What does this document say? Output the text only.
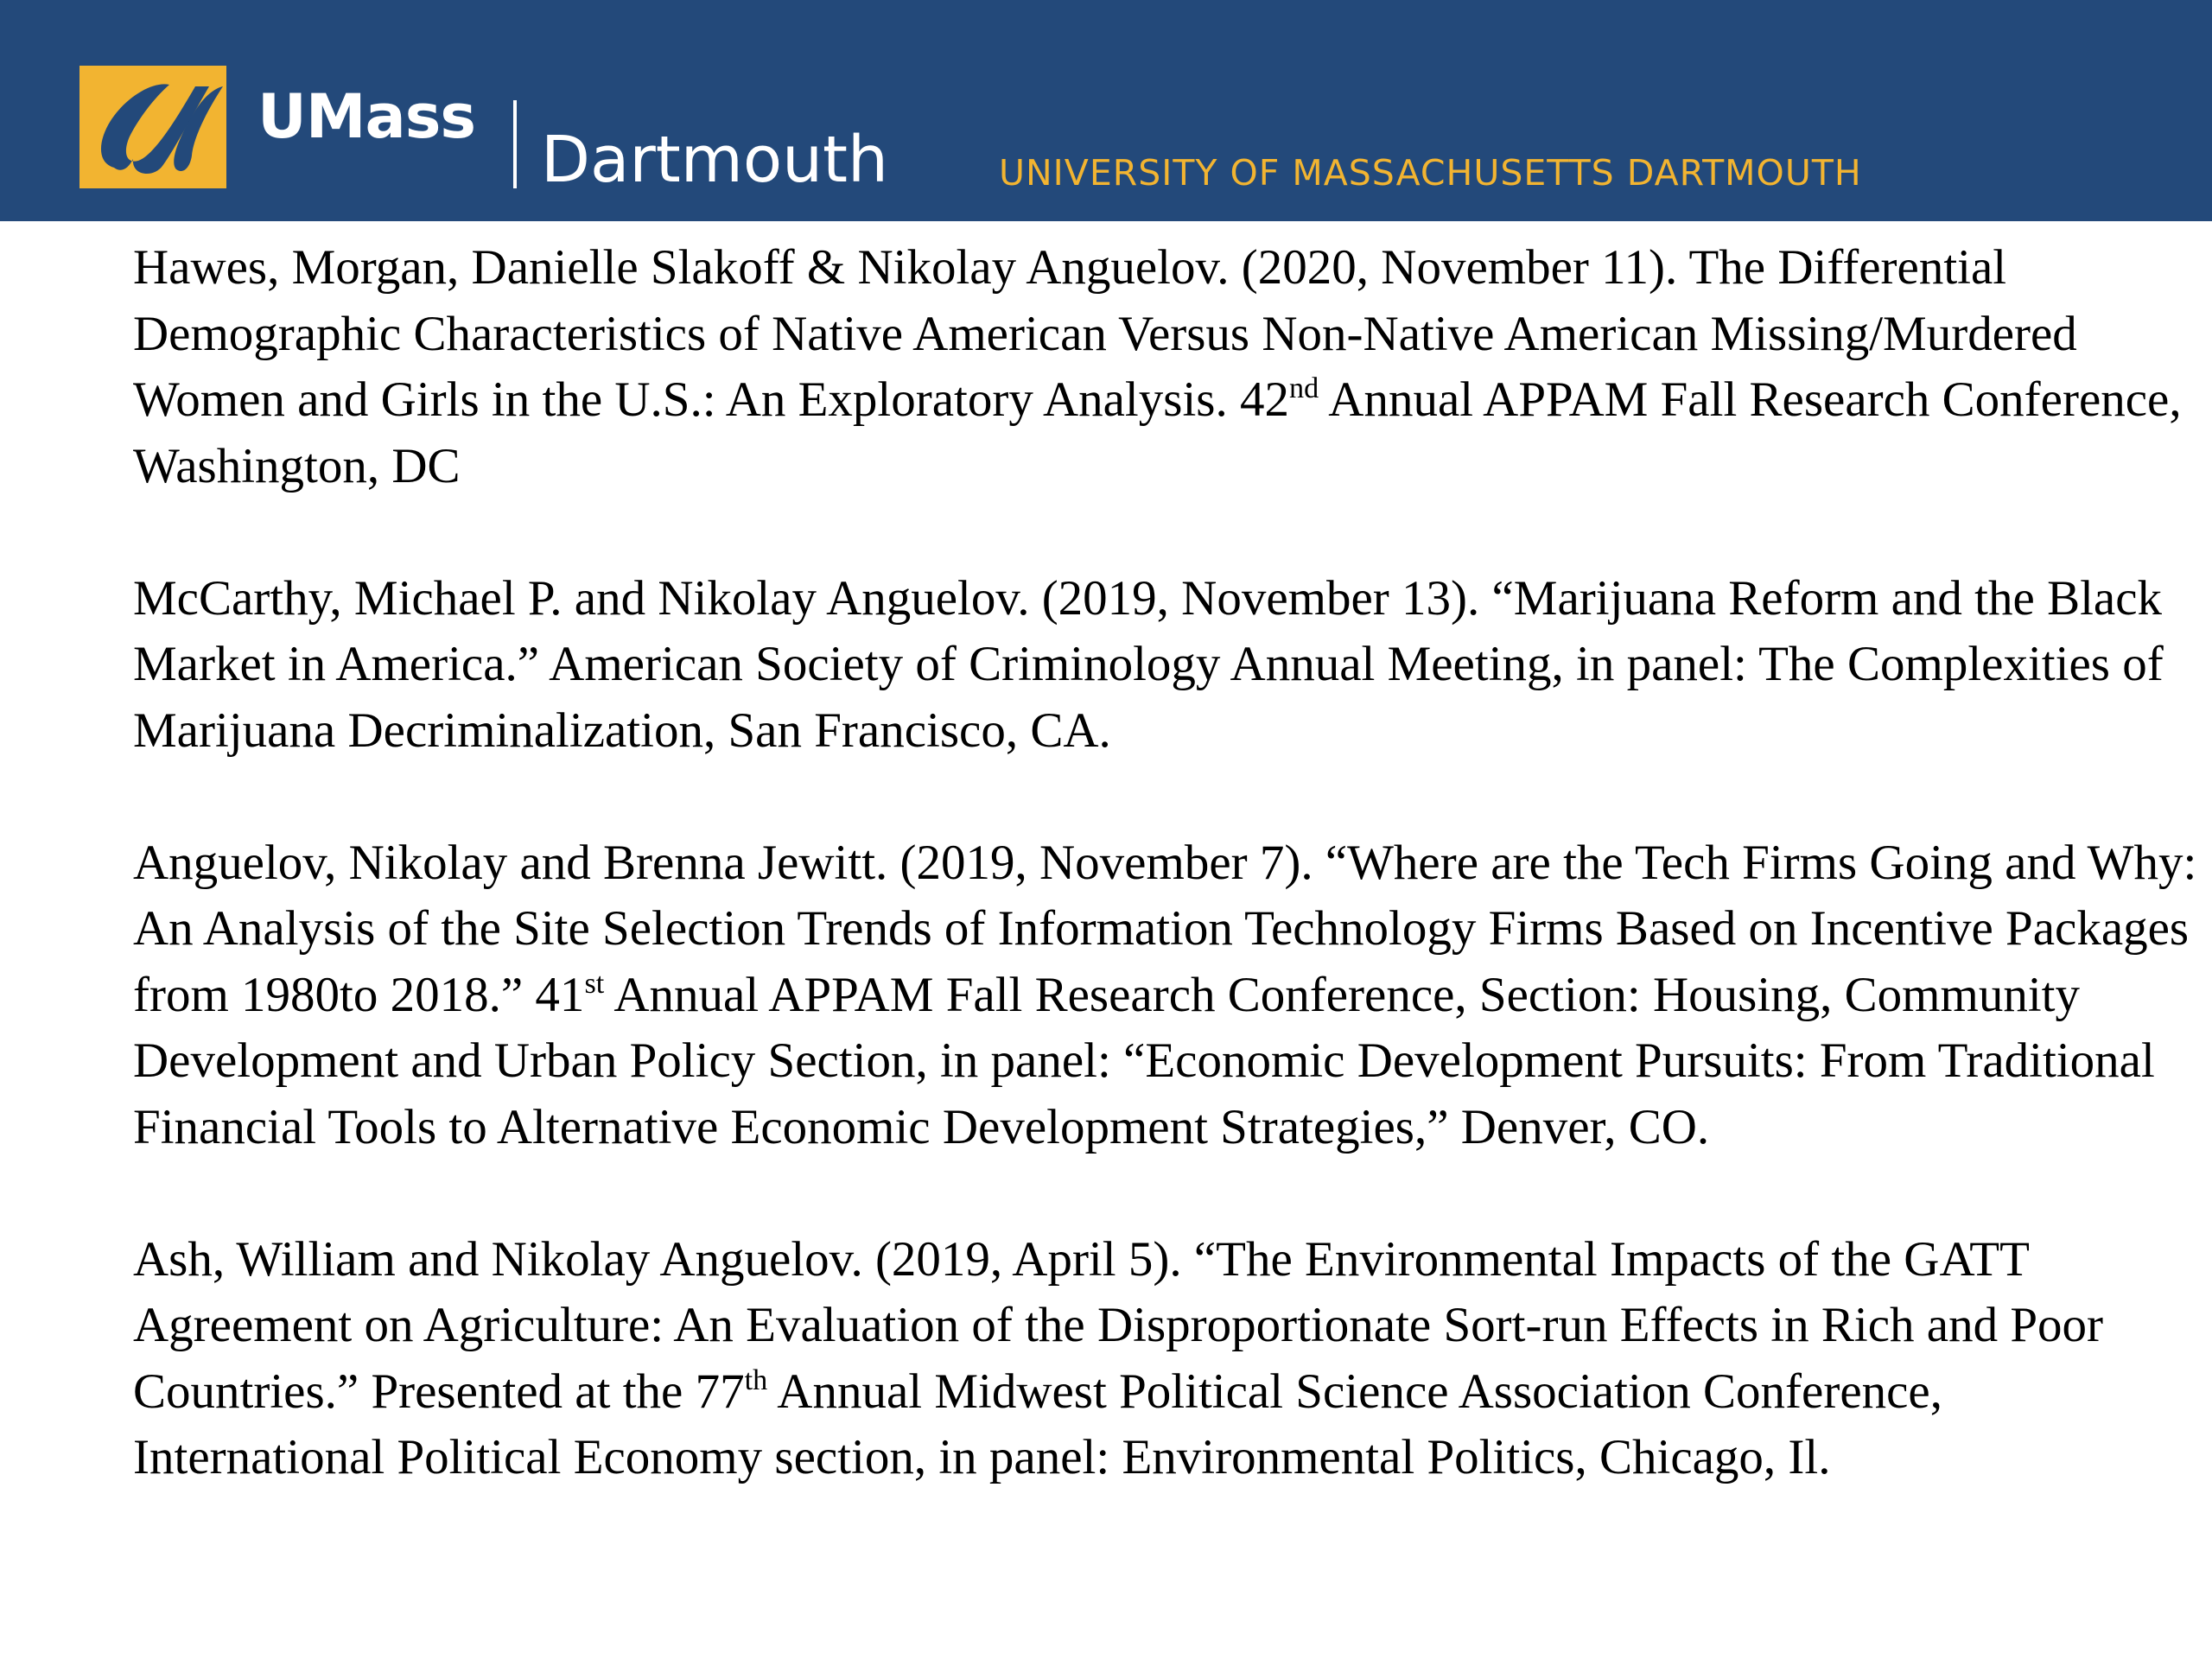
UMass
Dartmouth	UNIVERSITY OF MASSACHUSETTS DARTMOUTH

Hawes, Morgan, Danielle Slakoff & Nikolay Anguelov. (2020, November 11). The Differential Demographic Characteristics of Native American Versus Non-Native American Missing/Murdered Women and Girls in the U.S.: An Exploratory Analysis. 42nd Annual APPAM Fall Research Conference, Washington, DC

McCarthy, Michael P. and Nikolay Anguelov. (2019, November 13). “Marijuana Reform and the Black Market in America.” American Society of Criminology Annual Meeting, in panel: The Complexities of Marijuana Decriminalization, San Francisco, CA.

Anguelov, Nikolay and Brenna Jewitt. (2019, November 7). “Where are the Tech Firms Going and Why: An Analysis of the Site Selection Trends of Information Technology Firms Based on Incentive Packages from 1980to 2018.” 41st Annual APPAM Fall Research Conference, Section: Housing, Community Development and Urban Policy Section, in panel: “Economic Development Pursuits: From Traditional Financial Tools to Alternative Economic Development Strategies,” Denver, CO.

Ash, William and Nikolay Anguelov. (2019, April 5). “The Environmental Impacts of the GATT Agreement on Agriculture: An Evaluation of the Disproportionate Sort-run Effects in Rich and Poor Countries.” Presented at the 77th Annual Midwest Political Science Association Conference, International Political Economy section, in panel: Environmental Politics, Chicago, Il.
